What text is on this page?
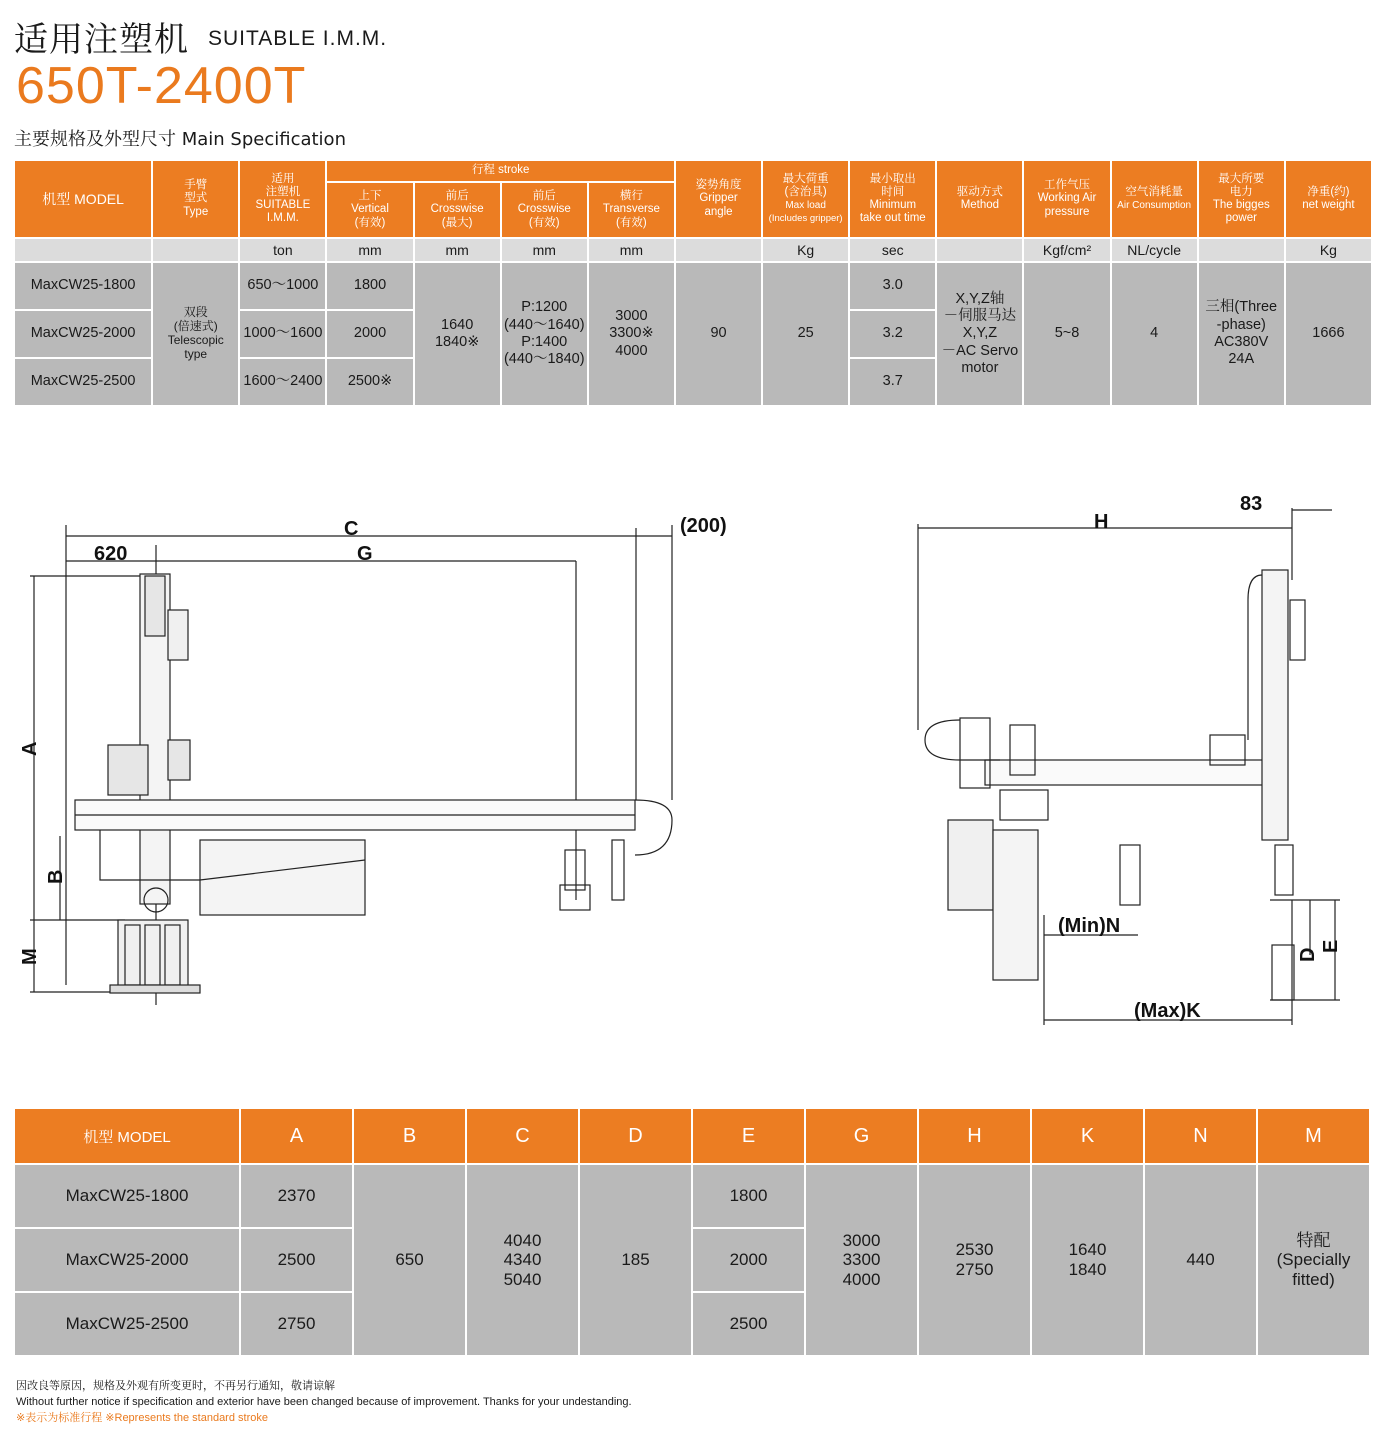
适用注塑机 SUITABLE I.M.M.
650T-2400T
主要规格及外型尺寸 Main Specification
机型 MODEL	手臂
型式
Type	适用
注塑机
SUITABLE
I.M.M.	行程 stroke				姿势角度
Gripper
angle	最大荷重
(含治具)
Max load
(Includes gripper)	最小取出
时间
Minimum
take out time	驱动方式
Method	工作气压
Working Air
pressure	空气消耗量
Air Consumption	最大所要
电力
The bigges
power	净重(约)
net weight
			上下
Vertical
(有效)	前后
Crosswise
(最大)	前后
Crosswise
(有效)	横行
Transverse
(有效)								
		ton	mm	mm	mm	mm		Kg	sec		Kgf/cm²	NL/cycle		Kg
MaxCW25-1800	双段
(倍速式)
Telescopic
type	650～1000	1800	1640
1840※	P:1200
(440～1640)
P:1400
(440～1840)	3000
3300※
4000	90	25	3.0	X,Y,Z轴
－伺服马达
X,Y,Z
－AC Servo
motor	5~8	4	三相(Three
-phase)
AC380V
24A	1666
MaxCW25-2000		1000～1600	2000						3.2					
MaxCW25-2500		1600～2400	2500※						3.7					
C
G
620
(200)
A
B
M
H
83
(Min)N
(Max)K
D
E
机型 MODEL	A	B	C	D	E	G	H	K	N	M
MaxCW25-1800	2370	650	4040
4340
5040	185	1800	3000
3300
4000	2530
2750	1640
1840	440	特配
(Specially
fitted)
MaxCW25-2000	2500				2000					
MaxCW25-2500	2750				2500					
因改良等原因，规格及外观有所变更时，不再另行通知，敬请谅解
Without further notice if specification and exterior have been changed because of improvement. Thanks for your undestanding.
※表示为标准行程 ※Represents the standard stroke
